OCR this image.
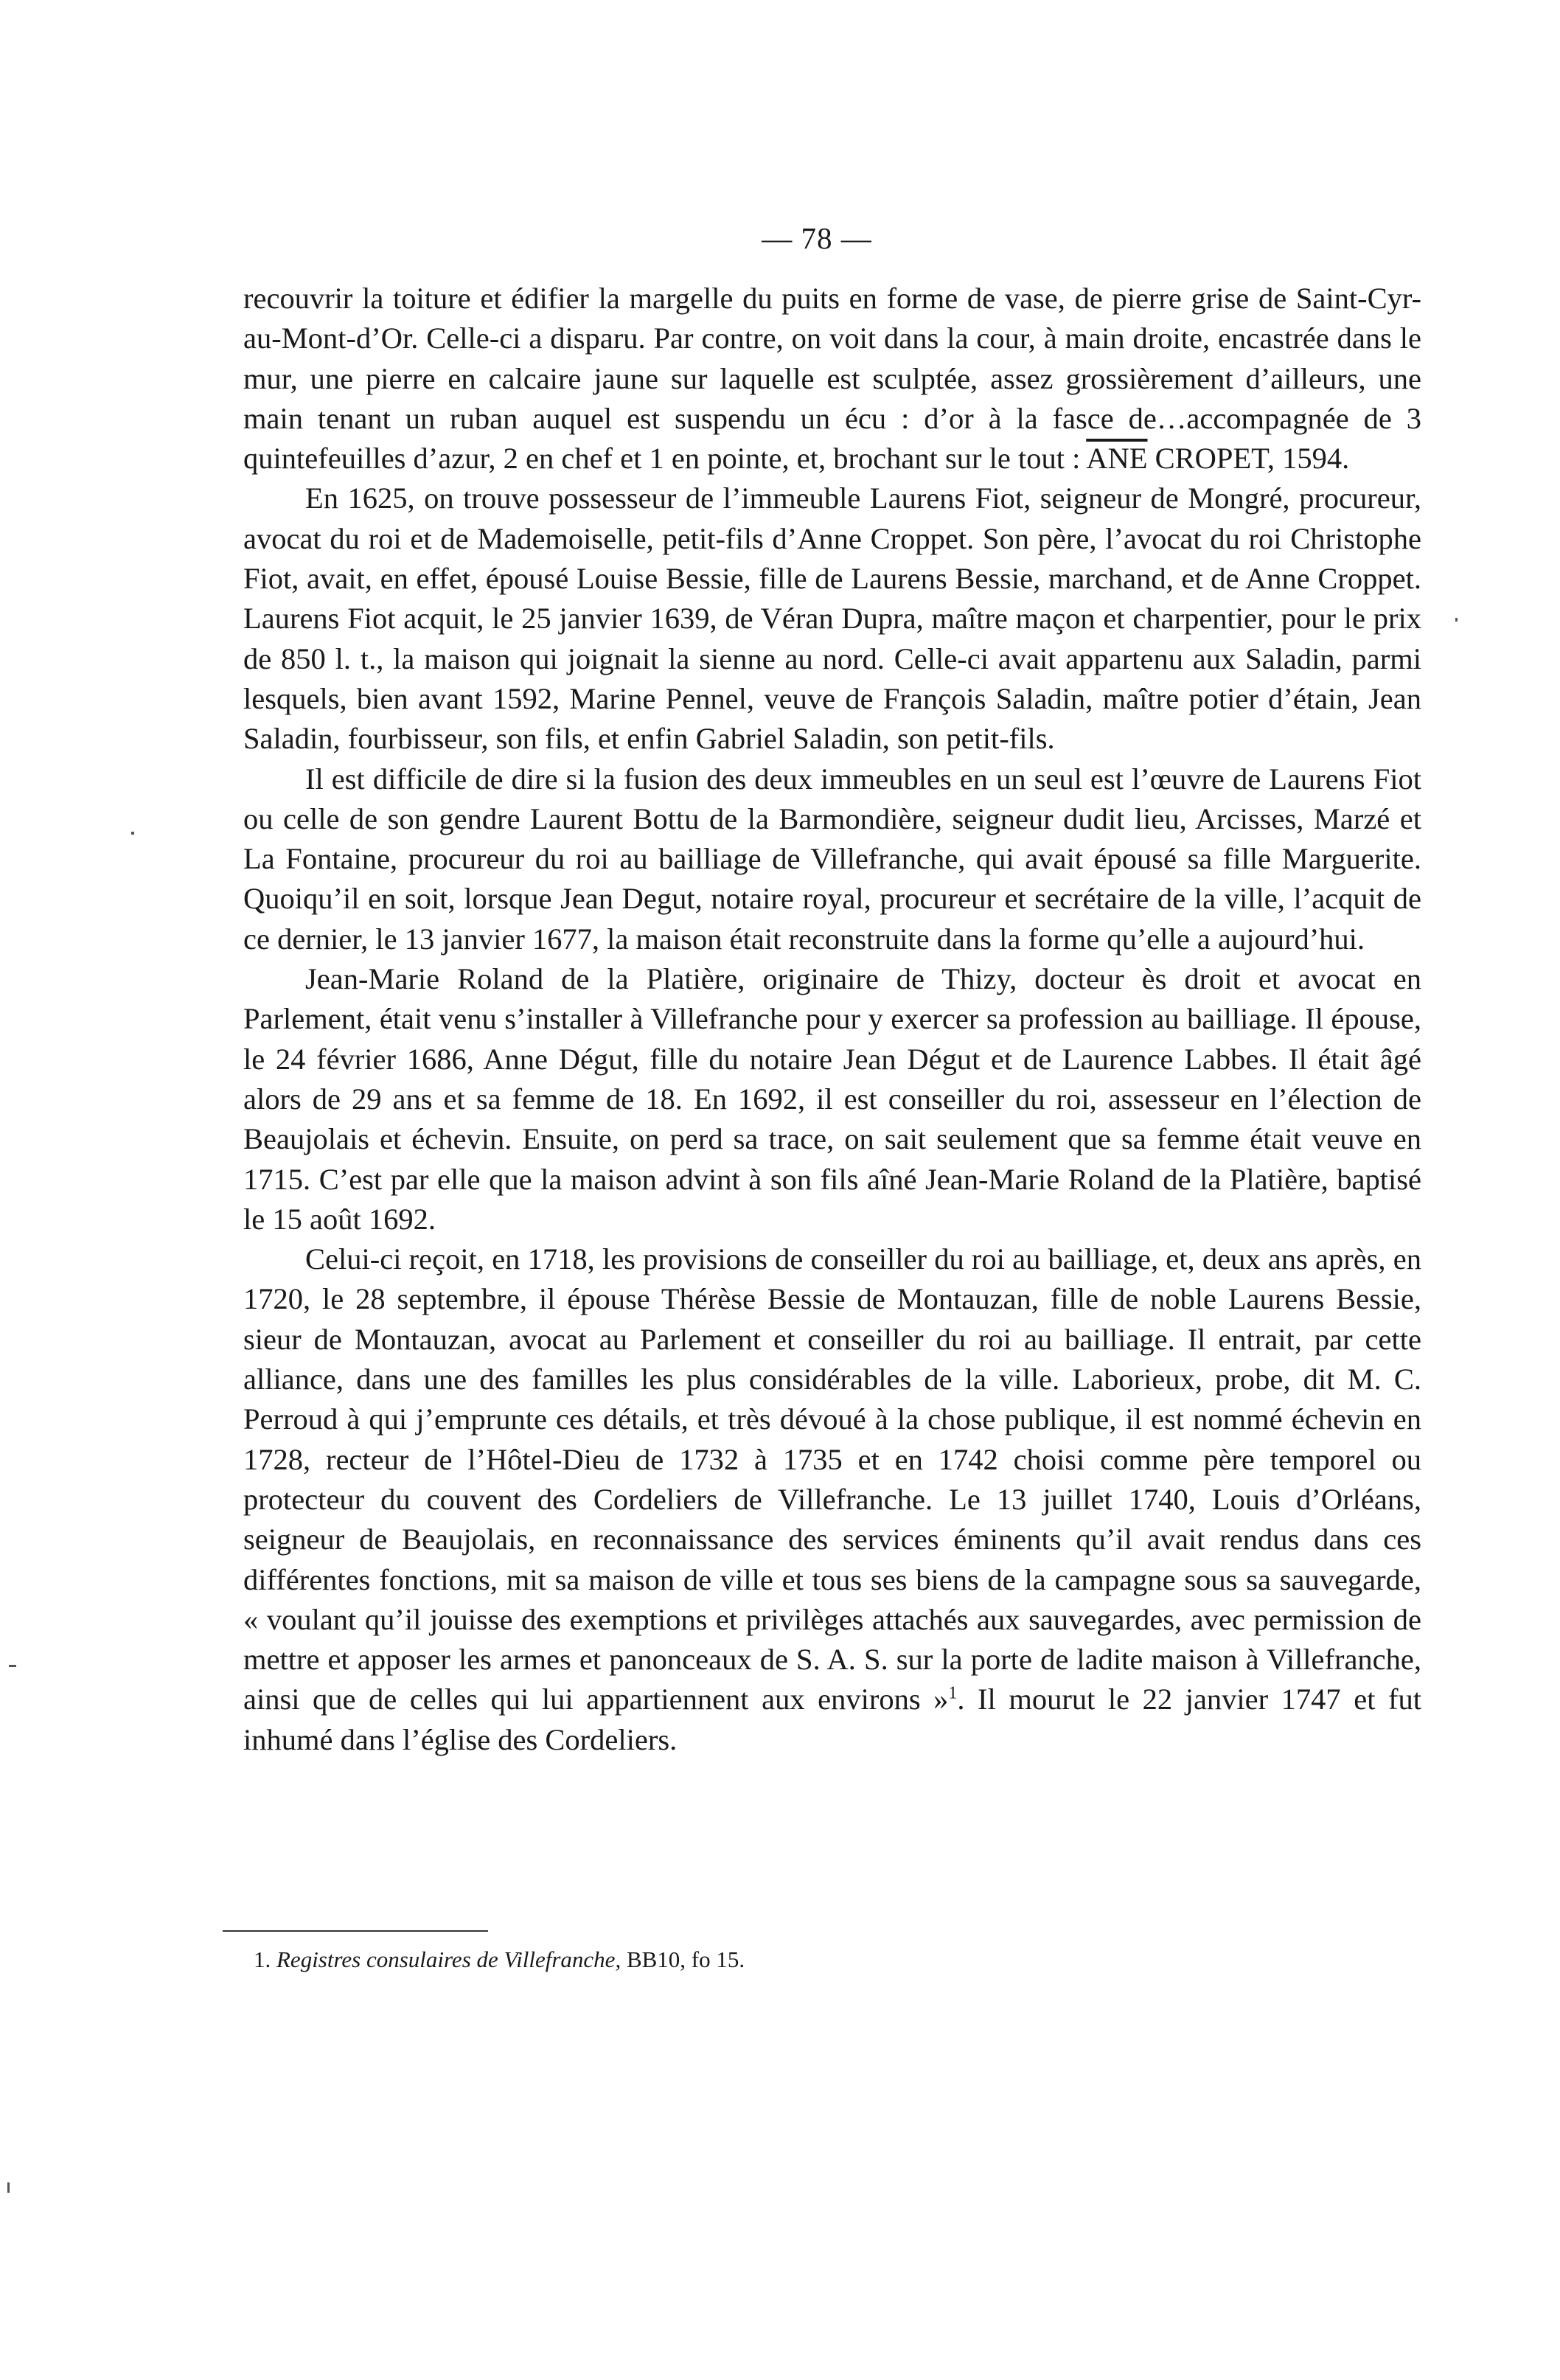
— 78 —

recouvrir la toiture et édifier la margelle du puits en forme de vase, de pierre grise de Saint-Cyr-au-Mont-d’Or. Celle-ci a disparu. Par contre, on voit dans la cour, à main droite, encastrée dans le mur, une pierre en calcaire jaune sur laquelle est sculptée, assez grossièrement d’ailleurs, une main tenant un ruban auquel est suspendu un écu : d’or à la fasce de…accompagnée de 3 quintefeuilles d’azur, 2 en chef et 1 en pointe, et, brochant sur le tout : $\overline{ANE}$ CROPET, 1594.

En 1625, on trouve possesseur de l’immeuble Laurens Fiot, seigneur de Mongré, procureur, avocat du roi et de Mademoiselle, petit-fils d’Anne Croppet. Son père, l’avocat du roi Christophe Fiot, avait, en effet, épousé Louise Bessie, fille de Laurens Bessie, marchand, et de Anne Croppet. Laurens Fiot acquit, le 25 janvier 1639, de Véran Dupra, maître maçon et charpentier, pour le prix de 850 l. t., la maison qui joignait la sienne au nord. Celle-ci avait appartenu aux Saladin, parmi lesquels, bien avant 1592, Marine Pennel, veuve de François Saladin, maître potier d’étain, Jean Saladin, fourbisseur, son fils, et enfin Gabriel Saladin, son petit-fils.

Il est difficile de dire si la fusion des deux immeubles en un seul est l’œuvre de Laurens Fiot ou celle de son gendre Laurent Bottu de la Barmondière, seigneur dudit lieu, Arcisses, Marzé et La Fontaine, procureur du roi au bailliage de Villefranche, qui avait épousé sa fille Marguerite. Quoiqu’il en soit, lorsque Jean Degut, notaire royal, procureur et secrétaire de la ville, l’acquit de ce dernier, le 13 janvier 1677, la maison était reconstruite dans la forme qu’elle a aujourd’hui.

Jean-Marie Roland de la Platière, originaire de Thizy, docteur ès droit et avocat en Parlement, était venu s’installer à Villefranche pour y exercer sa profession au bailliage. Il épouse, le 24 février 1686, Anne Dégut, fille du notaire Jean Dégut et de Laurence Labbes. Il était âgé alors de 29 ans et sa femme de 18. En 1692, il est conseiller du roi, assesseur en l’élection de Beaujolais et échevin. Ensuite, on perd sa trace, on sait seulement que sa femme était veuve en 1715. C’est par elle que la maison advint à son fils aîné Jean-Marie Roland de la Platière, baptisé le 15 août 1692.

Celui-ci reçoit, en 1718, les provisions de conseiller du roi au bailliage, et, deux ans après, en 1720, le 28 septembre, il épouse Thérèse Bessie de Montauzan, fille de noble Laurens Bessie, sieur de Montauzan, avocat au Parlement et conseiller du roi au bailliage. Il entrait, par cette alliance, dans une des familles les plus considérables de la ville. Laborieux, probe, dit M. C. Perroud à qui j’emprunte ces détails, et très dévoué à la chose publique, il est nommé échevin en 1728, recteur de l’Hôtel-Dieu de 1732 à 1735 et en 1742 choisi comme père temporel ou protecteur du couvent des Cordeliers de Villefranche. Le 13 juillet 1740, Louis d’Orléans, seigneur de Beaujolais, en reconnaissance des services éminents qu’il avait rendus dans ces différentes fonctions, mit sa maison de ville et tous ses biens de la campagne sous sa sauvegarde, « voulant qu’il jouisse des exemptions et privilèges attachés aux sauvegardes, avec permission de mettre et apposer les armes et panonceaux de S. A. S. sur la porte de ladite maison à Villefranche, ainsi que de celles qui lui appartiennent aux environs »$^1$. Il mourut le 22 janvier 1747 et fut inhumé dans l’église des Cordeliers.

1. Registres consulaires de Villefranche, BB10, fo 15.
